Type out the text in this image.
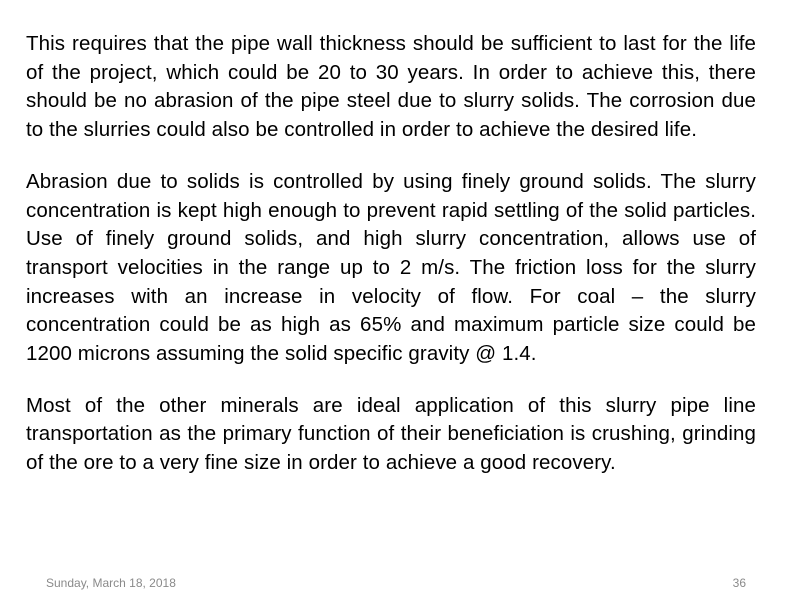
This requires that the pipe wall thickness should be sufficient to last for the life of the project, which could be 20 to 30 years. In order to achieve this, there should be no abrasion of the pipe steel due to slurry solids. The corrosion due to the slurries could also be controlled in order to achieve the desired life.

Abrasion due to solids is controlled by using finely ground solids. The slurry concentration is kept high enough to prevent rapid settling of the solid particles. Use of finely ground solids, and high slurry concentration, allows use of transport velocities in the range up to 2 m/s. The friction loss for the slurry increases with an increase in velocity of flow. For coal – the slurry concentration could be as high as 65% and maximum particle size could be 1200 microns assuming the solid specific gravity @ 1.4.

Most of the other minerals are ideal application of this slurry pipe line transportation as the primary function of their beneficiation is crushing, grinding of the ore to a very fine size in order to achieve a good recovery.

Sunday, March 18, 2018	36
